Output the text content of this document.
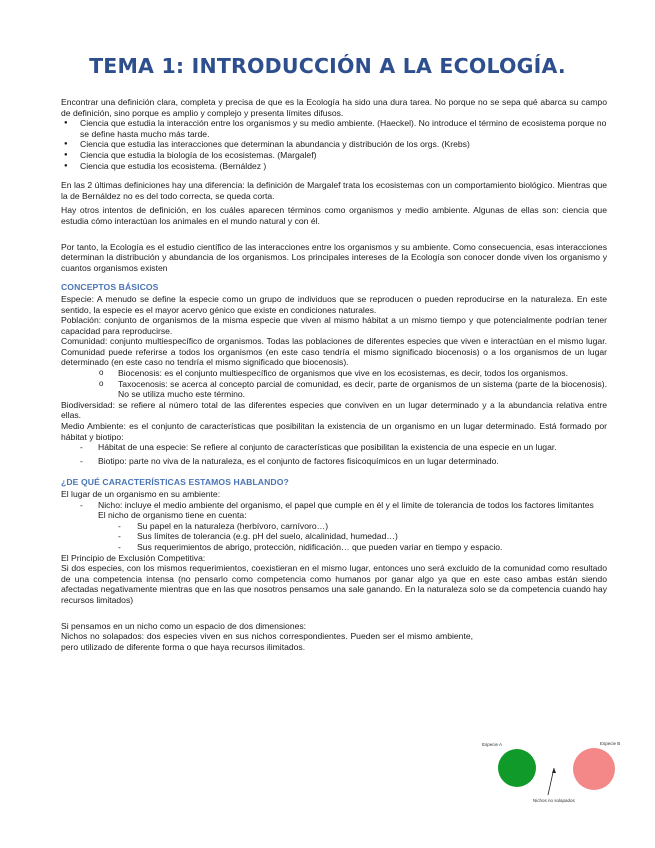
TEMA 1: INTRODUCCIÓN A LA ECOLOGÍA.

Encontrar una definición clara, completa y precisa de que es la Ecología ha sido una dura tarea. No porque no se sepa qué abarca su campo de definición, sino porque es amplio y complejo y presenta límites difusos.

● Ciencia que estudia la interacción entre los organismos y su medio ambiente. (Haeckel). No introduce el término de ecosistema porque no se define hasta mucho más tarde.
● Ciencia que estudia las interacciones que determinan la abundancia y distribución de los orgs. (Krebs)
● Ciencia que estudia la biología de los ecosistemas. (Margalef)
● Ciencia que estudia los ecosistema. (Bernáldez )

En las 2 últimas definiciones hay una diferencia: la definición de Margalef trata los ecosistemas con un comportamiento biológico. Mientras que la de Bernáldez no es del todo correcta, se queda corta.

Hay otros intentos de definición, en los cuáles aparecen términos como organismos y medio ambiente. Algunas de ellas son: ciencia que estudia cómo interactúan los animales en el mundo natural y con él.

Por tanto, la Ecología es el estudio científico de las interacciones entre los organismos y su ambiente. Como consecuencia, esas interacciones determinan la distribución y abundancia de los organismos. Los principales intereses de la Ecología son conocer donde viven los organismo y cuantos organismos existen

CONCEPTOS BÁSICOS

Especie: A menudo se define la especie como un grupo de individuos que se reproducen o pueden reproducirse en la naturaleza. En este sentido, la especie es el mayor acervo génico que existe en condiciones naturales.

Población: conjunto de organismos de la misma especie que viven al mismo hábitat a un mismo tiempo y que potencialmente podrían tener capacidad para reproducirse.

Comunidad: conjunto multiespecífico de organismos. Todas las poblaciones de diferentes especies que viven e interactúan en el mismo lugar. Comunidad puede referirse a todos los organismos (en este caso tendría el mismo significado biocenosis) o a los organismos de un lugar determinado (en este caso no tendría el mismo significado que biocenosis).

o Biocenosis: es el conjunto multiespecífico de organismos que vive en los ecosistemas, es decir, todos los organismos.
o Taxocenosis: se acerca al concepto parcial de comunidad, es decir, parte de organismos de un sistema (parte de la biocenosis). No se utiliza mucho este término.

Biodiversidad: se refiere al número total de las diferentes especies que conviven en un lugar determinado y a la abundancia relativa entre ellas.

Medio Ambiente: es el conjunto de características que posibilitan la existencia de un organismo en un lugar determinado. Está formado por hábitat y biotipo:

- Hábitat de una especie: Se refiere al conjunto de características que posibilitan la existencia de una especie en un lugar.
- Biotipo: parte no viva de la naturaleza, es el conjunto de factores fisicoquímicos en un lugar determinado.
¿DE QUÉ CARACTERÍSTICAS ESTAMOS HABLANDO?

El lugar de un organismo en su ambiente:

- Nicho: incluye el medio ambiente del organismo, el papel que cumple en él y el límite de tolerancia de todos los factores limitantes

El nicho de organismo tiene en cuenta:

- Su papel en la naturaleza (herbívoro, carnívoro…)
- Sus límites de tolerancia (e.g. pH del suelo, alcalinidad, humedad…)
- Sus requerimientos de abrigo, protección, nidificación… que pueden variar en tiempo y espacio.

El Principio de Exclusión Competitiva:

Si dos especies, con los mismos requerimientos, coexistieran en el mismo lugar, entonces uno será excluido de la comunidad como resultado de una competencia intensa (no pensarlo como competencia como humanos por ganar algo ya que en este caso ambas están siendo afectadas negativamente mientras que en las que nosotros pensamos una sale ganando. En la naturaleza solo se da competencia cuando hay recursos limitados)

Si pensamos en un nicho como un espacio de dos dimensiones:

Nichos no solapados: dos especies viven en sus nichos correspondientes. Pueden ser el mismo ambiente, pero utilizado de diferente forma o que haya recursos ilimitados.

Especie A	Especie B
Nichos no solapados
